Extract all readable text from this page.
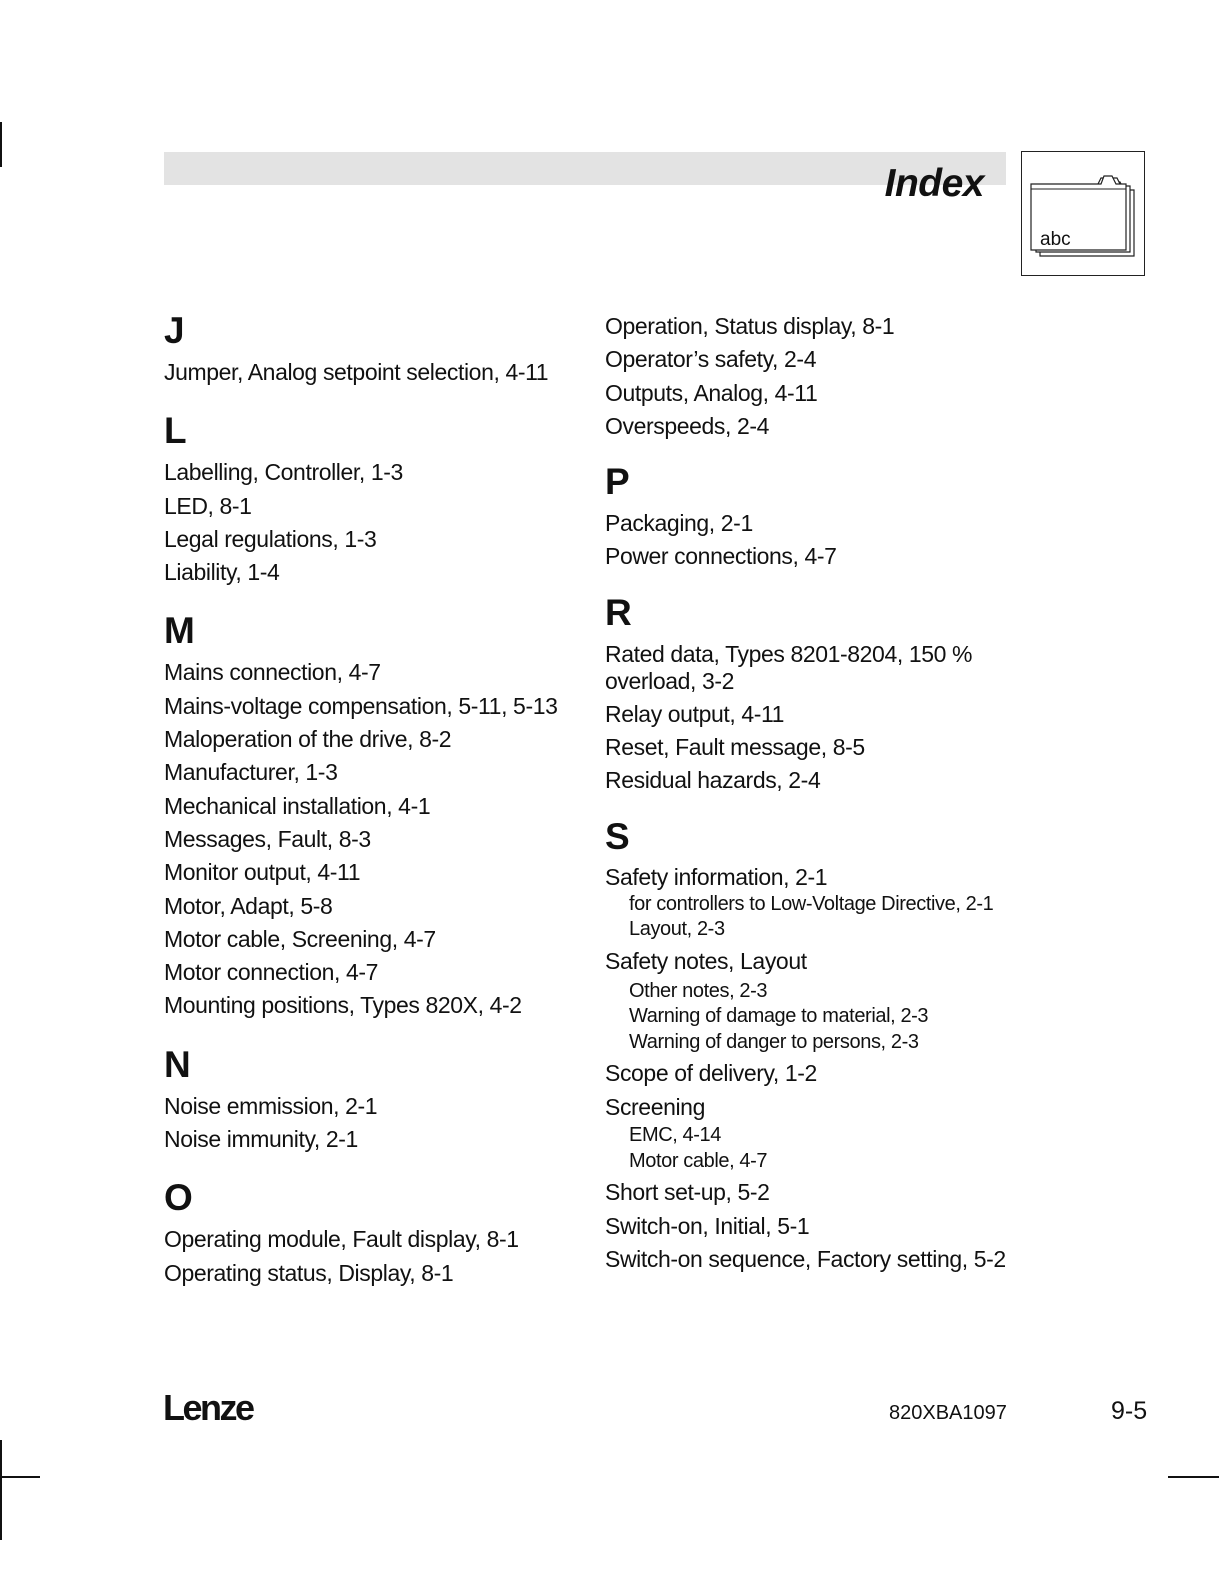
Index
abc
J
Jumper, Analog setpoint selection, 4-11
L
Labelling, Controller, 1-3
LED, 8-1
Legal regulations, 1-3
Liability, 1-4
M
Mains connection, 4-7
Mains-voltage compensation, 5-11, 5-13
Maloperation of the drive, 8-2
Manufacturer, 1-3
Mechanical installation, 4-1
Messages, Fault, 8-3
Monitor output, 4-11
Motor, Adapt, 5-8
Motor cable, Screening, 4-7
Motor connection, 4-7
Mounting positions, Types 820X, 4-2
N
Noise emmission, 2-1
Noise immunity, 2-1
O
Operating module, Fault display, 8-1
Operating status, Display, 8-1
Operation, Status display, 8-1
Operator’s safety, 2-4
Outputs, Analog, 4-11
Overspeeds, 2-4
P
Packaging, 2-1
Power connections, 4-7
R
Rated data, Types 8201-8204, 150 % overload, 3-2
Relay output, 4-11
Reset, Fault message, 8-5
Residual hazards, 2-4
S
Safety information, 2-1
for controllers to Low-Voltage Directive, 2-1
Layout, 2-3
Safety notes, Layout
Other notes, 2-3
Warning of damage to material, 2-3
Warning of danger to persons, 2-3
Scope of delivery, 1-2
Screening
EMC, 4-14
Motor cable, 4-7
Short set-up, 5-2
Switch-on, Initial, 5-1
Switch-on sequence, Factory setting, 5-2
Lenze	820XBA1097	9-5
